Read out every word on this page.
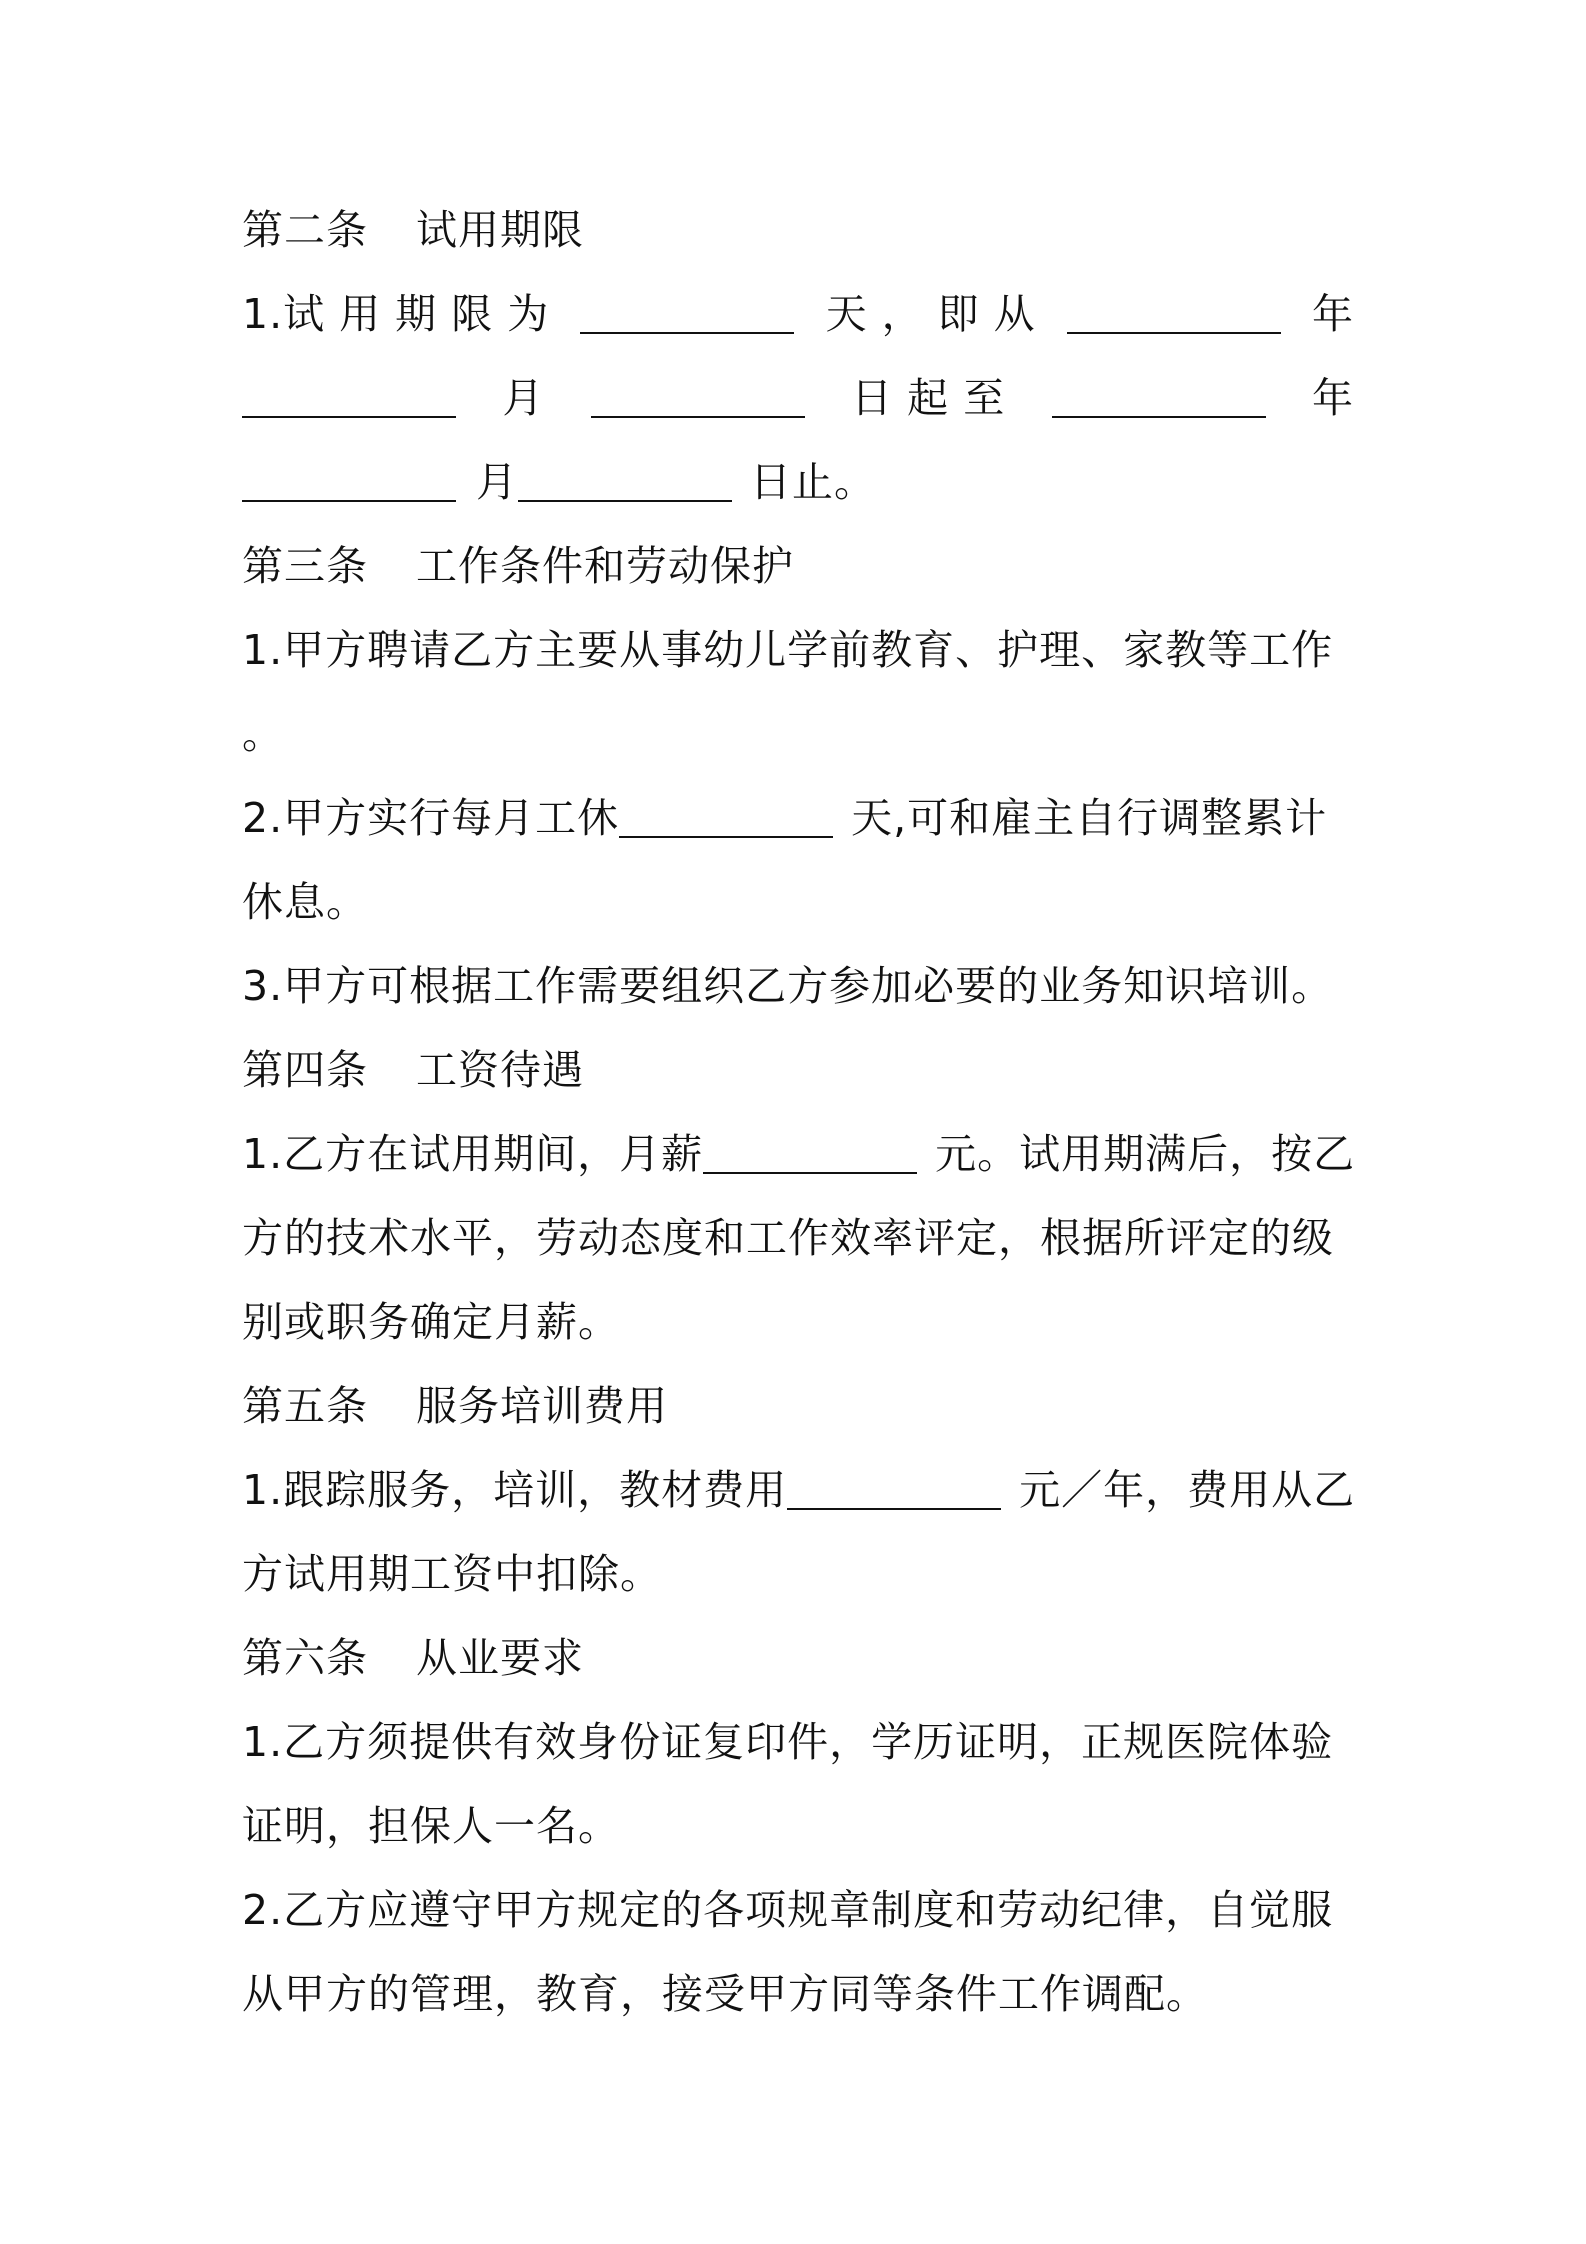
第二条 试用期限
1.试 用 期 限 为	天 ， 即 从	年
月	日 起 至	年
月	日止。
第三条 工作条件和劳动保护
1.甲方聘请乙方主要从事幼儿学前教育、护理、家教等工作
。
2.甲方实行每月工休	天,可和雇主自行调整累计
休息。
3.甲方可根据工作需要组织乙方参加必要的业务知识培训。
第四条 工资待遇
1.乙方在试用期间，月薪	元。试用期满后，按乙
方的技术水平，劳动态度和工作效率评定，根据所评定的级
别或职务确定月薪。
第五条 服务培训费用
1.跟踪服务，培训，教材费用	元／年，费用从乙
方试用期工资中扣除。
第六条 从业要求
1.乙方须提供有效身份证复印件，学历证明，正规医院体验
证明，担保人一名。
2.乙方应遵守甲方规定的各项规章制度和劳动纪律，自觉服
从甲方的管理，教育，接受甲方同等条件工作调配。
